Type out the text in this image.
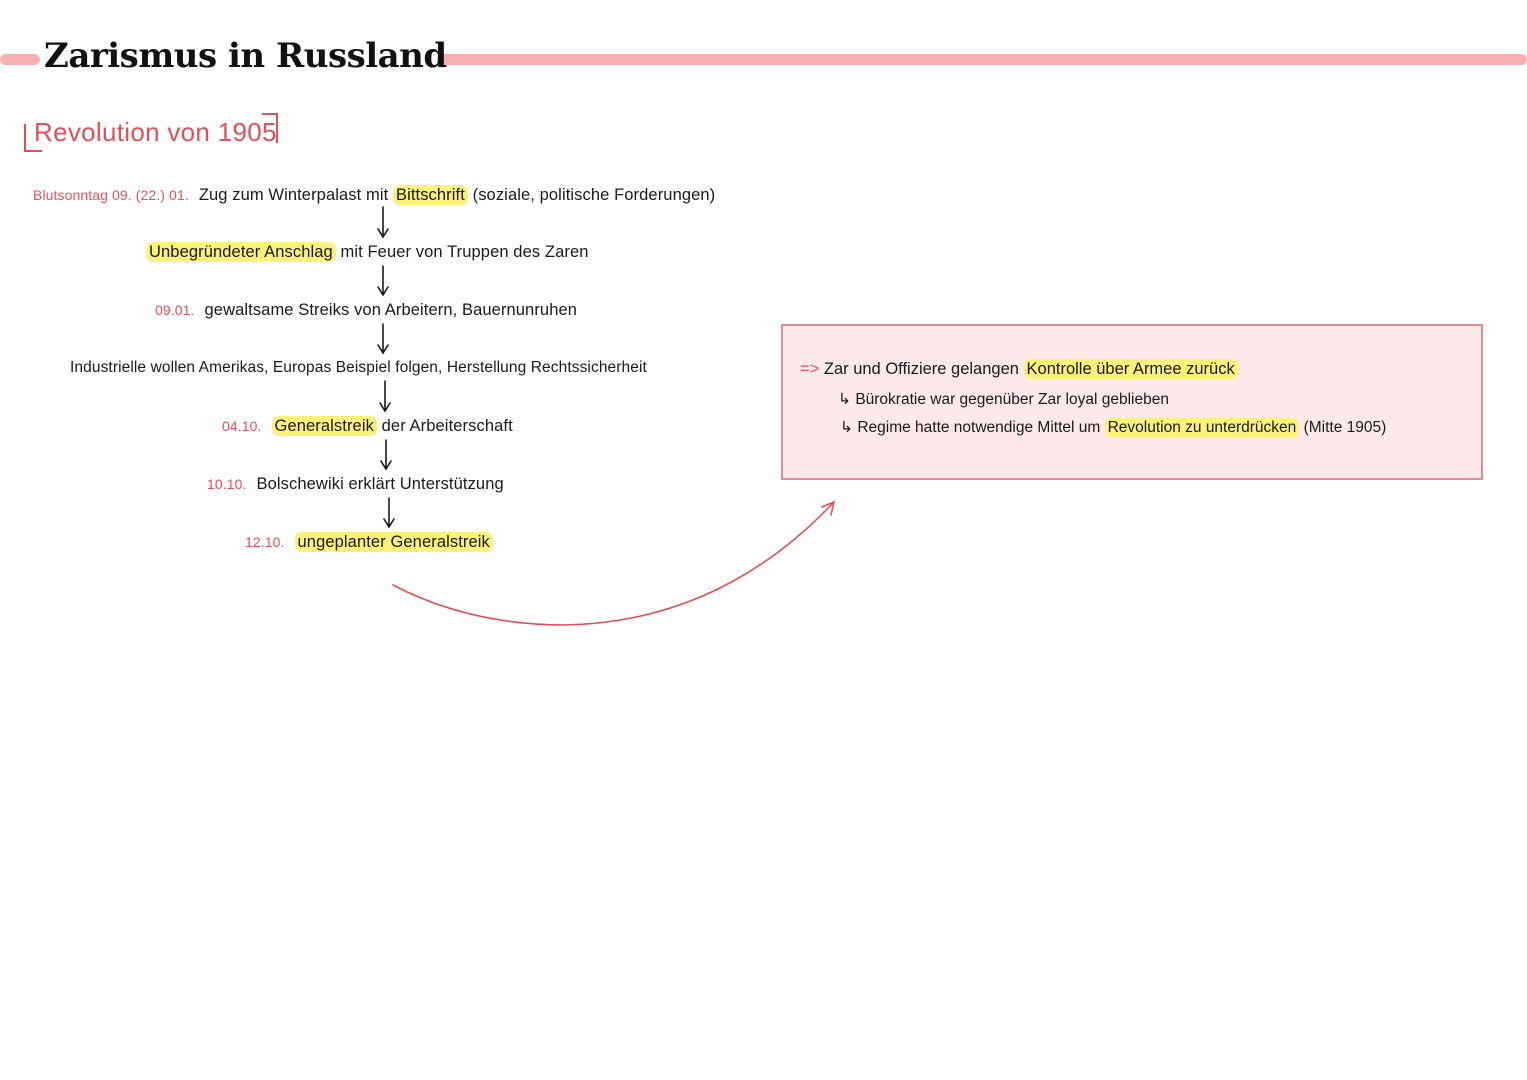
Zarismus in Russland
Revolution von 1905
Blutsonntag 09. (22.) 01. Zug zum Winterpalast mit Bittschrift (soziale, politische Forderungen)
Unbegründeter Anschlag mit Feuer von Truppen des Zaren
09.01. gewaltsame Streiks von Arbeitern, Bauernunruhen
Industrielle wollen Amerikas, Europas Beispiel folgen, Herstellung Rechtssicherheit
04.10. Generalstreik der Arbeiterschaft
10.10. Bolschewiki erklärt Unterstützung
12.10. ungeplanter Generalstreik
=> Zar und Offiziere gelangen Kontrolle über Armee zurück
↳ Bürokratie war gegenüber Zar loyal geblieben
↳ Regime hatte notwendige Mittel um Revolution zu unterdrücken (Mitte 1905)
